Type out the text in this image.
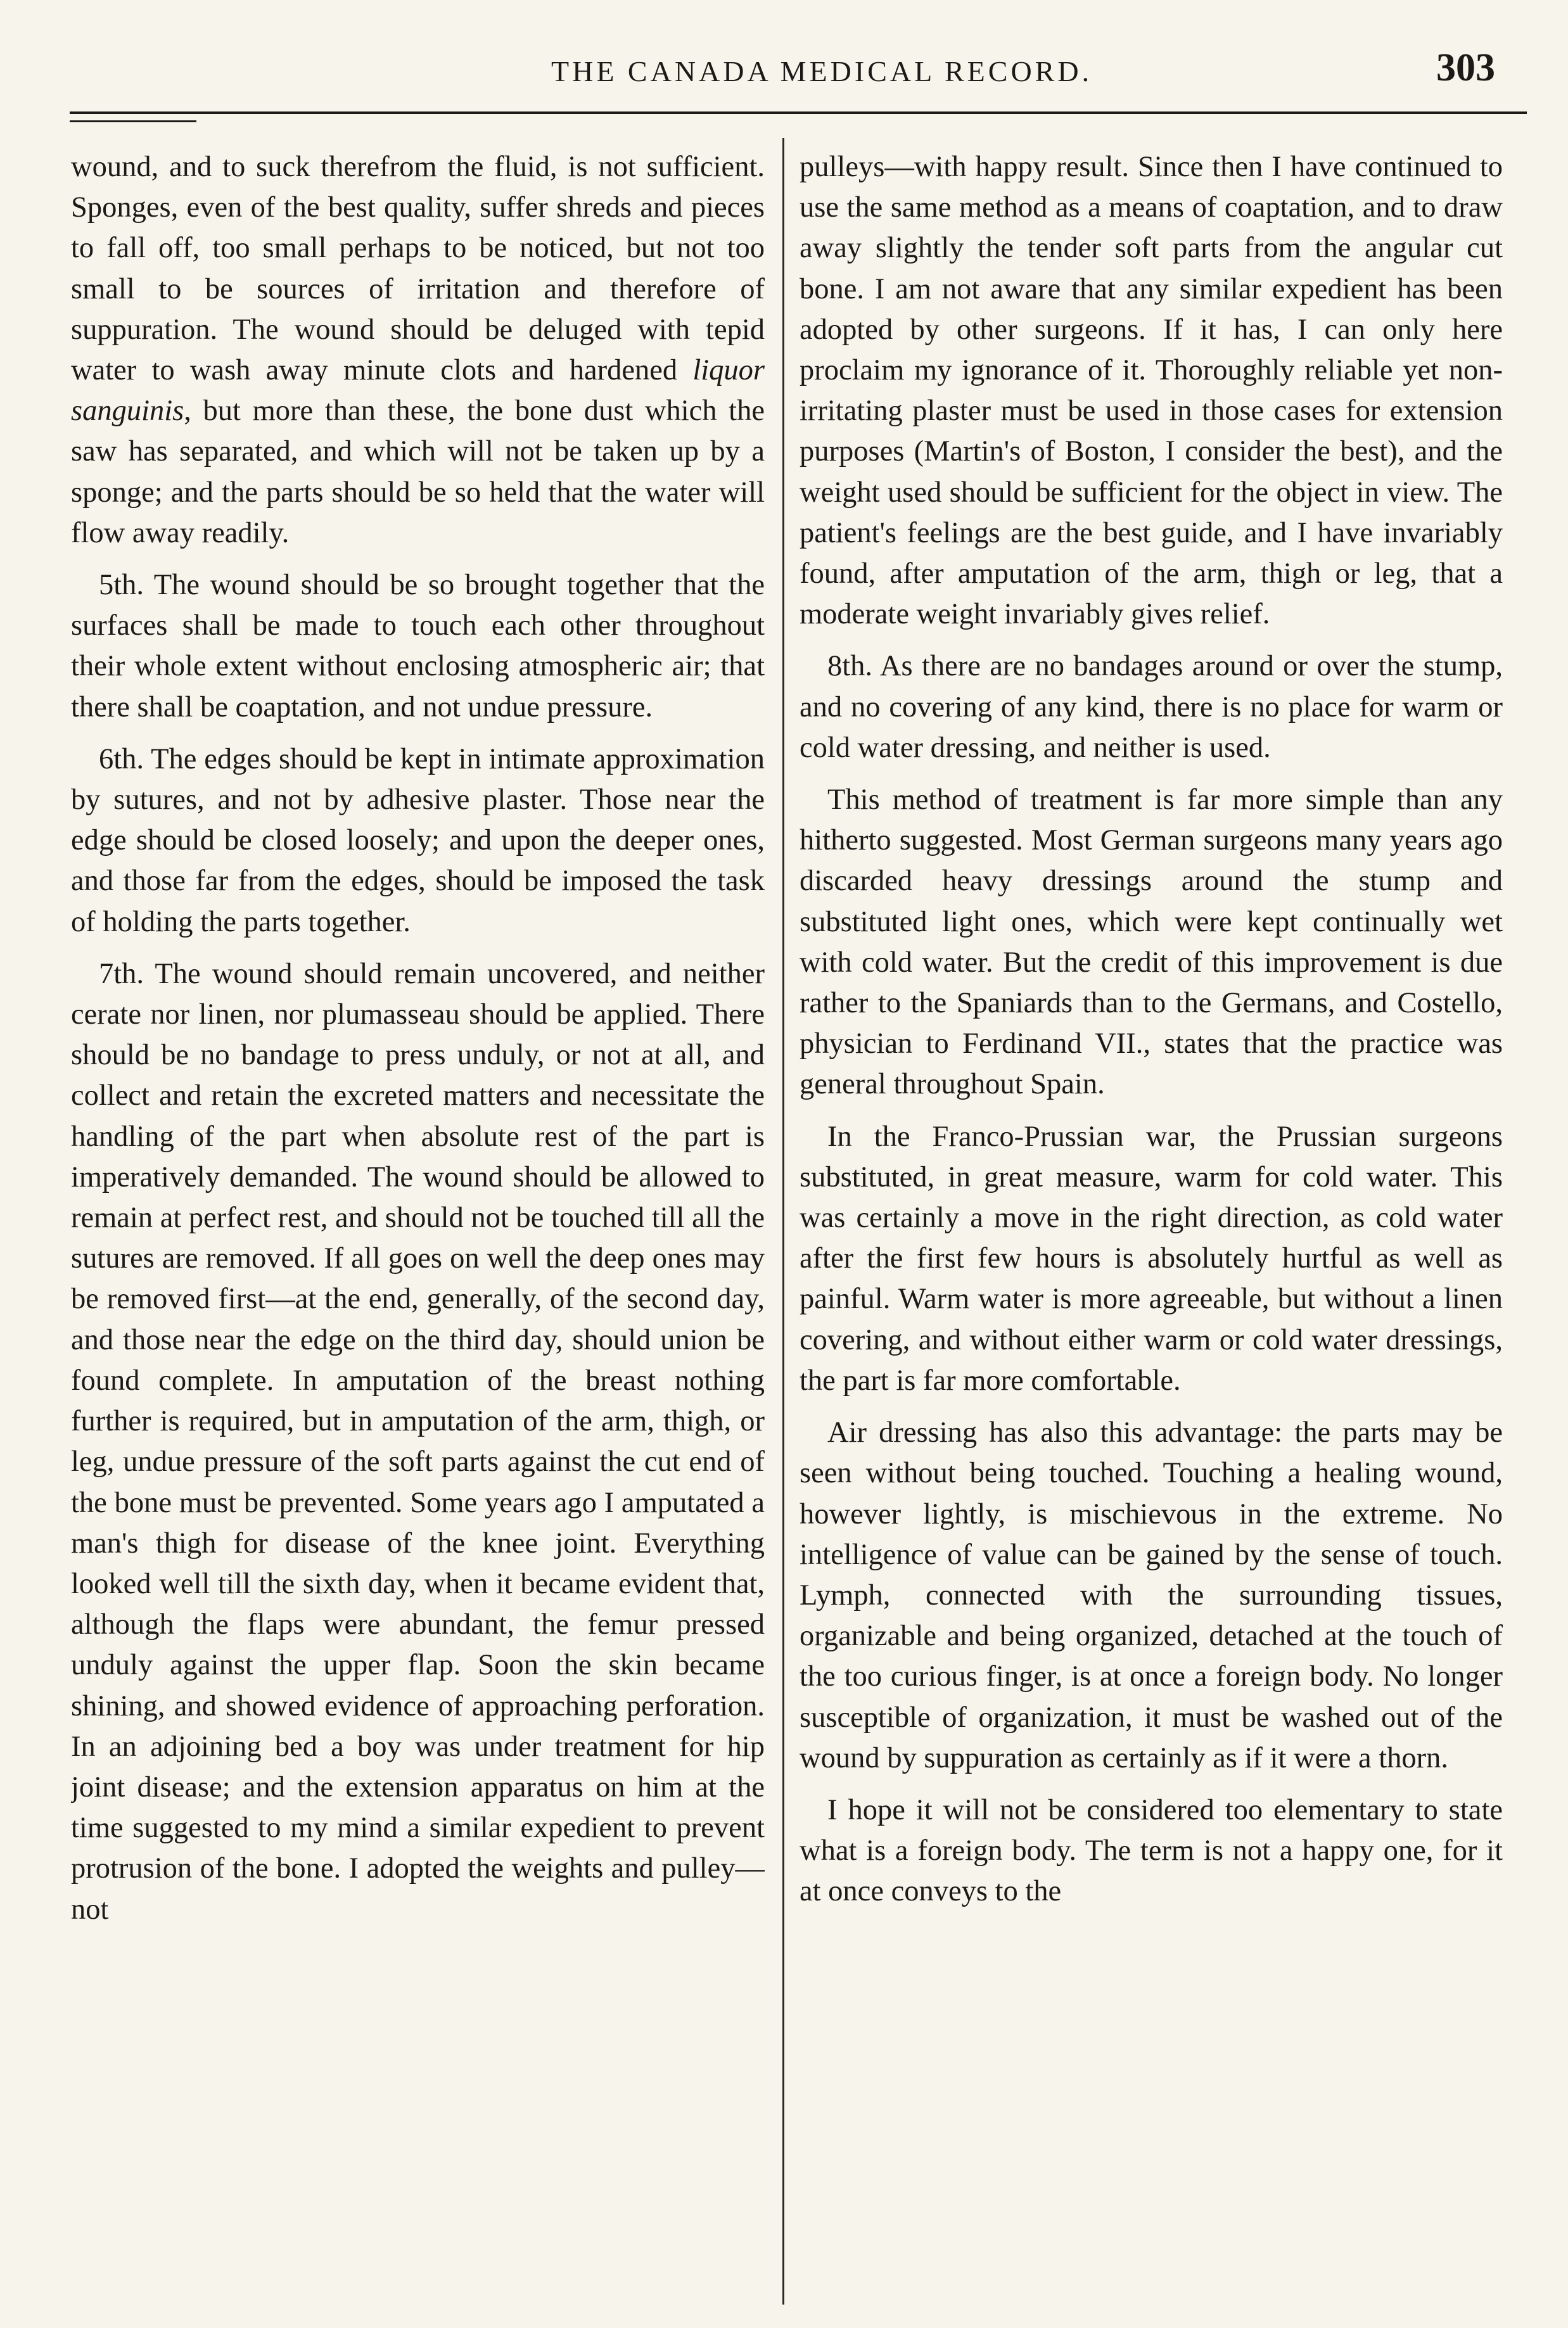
THE CANADA MEDICAL RECORD.	303

wound, and to suck therefrom the fluid, is not sufficient. Sponges, even of the best quality, suffer shreds and pieces to fall off, too small perhaps to be noticed, but not too small to be sources of irritation and therefore of suppuration. The wound should be deluged with tepid water to wash away minute clots and hardened liquor sanguinis, but more than these, the bone dust which the saw has separated, and which will not be taken up by a sponge; and the parts should be so held that the water will flow away readily.

5th. The wound should be so brought together that the surfaces shall be made to touch each other throughout their whole extent without enclosing atmospheric air; that there shall be coaptation, and not undue pressure.

6th. The edges should be kept in intimate approximation by sutures, and not by adhesive plaster. Those near the edge should be closed loosely; and upon the deeper ones, and those far from the edges, should be imposed the task of holding the parts together.

7th. The wound should remain uncovered, and neither cerate nor linen, nor plumasseau should be applied. There should be no bandage to press unduly, or not at all, and collect and retain the excreted matters and necessitate the handling of the part when absolute rest of the part is imperatively demanded. The wound should be allowed to remain at perfect rest, and should not be touched till all the sutures are removed. If all goes on well the deep ones may be removed first—at the end, generally, of the second day, and those near the edge on the third day, should union be found complete. In amputation of the breast nothing further is required, but in amputation of the arm, thigh, or leg, undue pressure of the soft parts against the cut end of the bone must be prevented. Some years ago I amputated a man's thigh for disease of the knee joint. Everything looked well till the sixth day, when it became evident that, although the flaps were abundant, the femur pressed unduly against the upper flap. Soon the skin became shining, and showed evidence of approaching perforation. In an adjoining bed a boy was under treatment for hip joint disease; and the extension apparatus on him at the time suggested to my mind a similar expedient to prevent protrusion of the bone. I adopted the weights and pulley—not

pulleys—with happy result. Since then I have continued to use the same method as a means of coaptation, and to draw away slightly the tender soft parts from the angular cut bone. I am not aware that any similar expedient has been adopted by other surgeons. If it has, I can only here proclaim my ignorance of it. Thoroughly reliable yet non-irritating plaster must be used in those cases for extension purposes (Martin's of Boston, I consider the best), and the weight used should be sufficient for the object in view. The patient's feelings are the best guide, and I have invariably found, after amputation of the arm, thigh or leg, that a moderate weight invariably gives relief.

8th. As there are no bandages around or over the stump, and no covering of any kind, there is no place for warm or cold water dressing, and neither is used.

This method of treatment is far more simple than any hitherto suggested. Most German surgeons many years ago discarded heavy dressings around the stump and substituted light ones, which were kept continually wet with cold water. But the credit of this improvement is due rather to the Spaniards than to the Germans, and Costello, physician to Ferdinand VII., states that the practice was general throughout Spain.

In the Franco-Prussian war, the Prussian surgeons substituted, in great measure, warm for cold water. This was certainly a move in the right direction, as cold water after the first few hours is absolutely hurtful as well as painful. Warm water is more agreeable, but without a linen covering, and without either warm or cold water dressings, the part is far more comfortable.

Air dressing has also this advantage: the parts may be seen without being touched. Touching a healing wound, however lightly, is mischievous in the extreme. No intelligence of value can be gained by the sense of touch. Lymph, connected with the surrounding tissues, organizable and being organized, detached at the touch of the too curious finger, is at once a foreign body. No longer susceptible of organization, it must be washed out of the wound by suppuration as certainly as if it were a thorn.

I hope it will not be considered too elementary to state what is a foreign body. The term is not a happy one, for it at once conveys to the
